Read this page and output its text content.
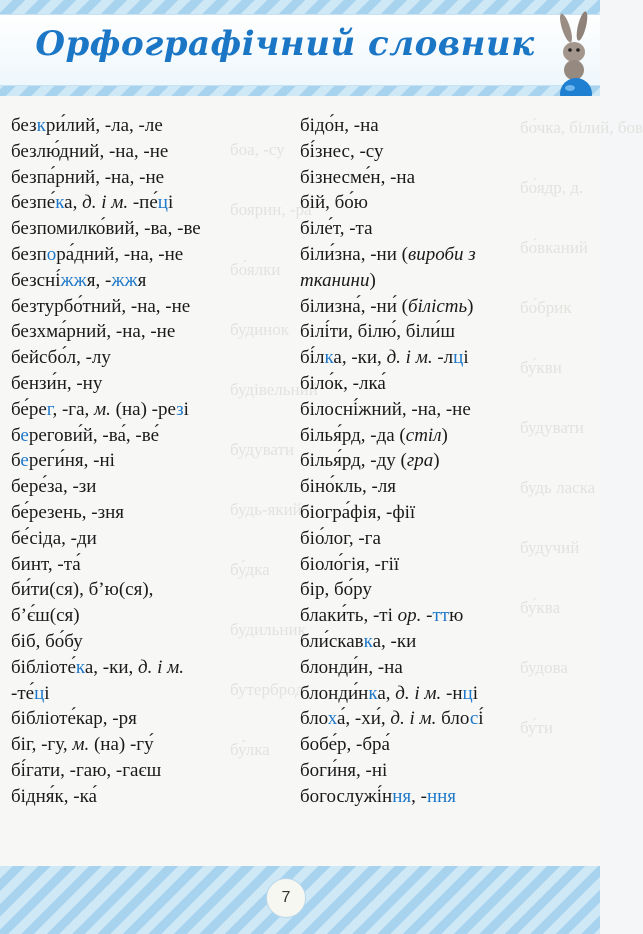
Орфографічний словник
бо́чка, білий, бов
боа, -су
бо́ядр, д.
боярин, -ра
бо́вканий
бо́ялки
бо́брик
будинок
бу́кви
будівельний
будувати
будувати
будь ласка
будь-який
будучий
бу́дка
бу́ква
будильник
будова
бутерброд
бу́ти
бу́лка
безкри́лий, -ла, -ле
безлю́дний, -на, -не
безпа́рний, -на, -не
безпе́ка, д. і м. -пе́ці
безпомилко́вий, -ва, -ве
безпора́дний, -на, -не
безсні́жжя, -жжя
безтурбо́тний, -на, -не
безхма́рний, -на, -не
бейсбо́л, -лу
бензи́н, -ну
бе́рег, -га, м. (на) -резі
берегови́й, -ва́, -ве́
береги́ня, -ні
бере́за, -зи
бе́резень, -зня
бе́сіда, -ди
бинт, -та́
би́ти(ся), б’ю(ся),
б’є́ш(ся)
біб, бо́бу
бібліоте́ка, -ки, д. і м.
-те́ці
бібліоте́кар, -ря
біг, -гу, м. (на) -гу́
бі́гати, -гаю, -гаєш
бідня́к, -ка́
бідо́н, -на
бі́знес, -су
бізнесме́н, -на
бій, бо́ю
біле́т, -та
біли́зна, -ни (вироби з
тканини)
білизна́, -ни́ (білість)
білі́ти, білю́, біли́ш
бі́лка, -ки, д. і м. -лці
біло́к, -лка́
білосні́жний, -на, -не
білья́рд, -да (стіл)
білья́рд, -ду (гра)
біно́кль, -ля
біогра́фія, -фії
біо́лог, -га
біоло́гія, -гії
бір, бо́ру
блаки́ть, -ті ор. -ттю
бли́скавка, -ки
блонди́н, -на
блонди́нка, д. і м. -нці
блоха́, -хи́, д. і м. блосі́
бобе́р, -бра́
боги́ня, -ні
богослужі́ння, -ння
7
